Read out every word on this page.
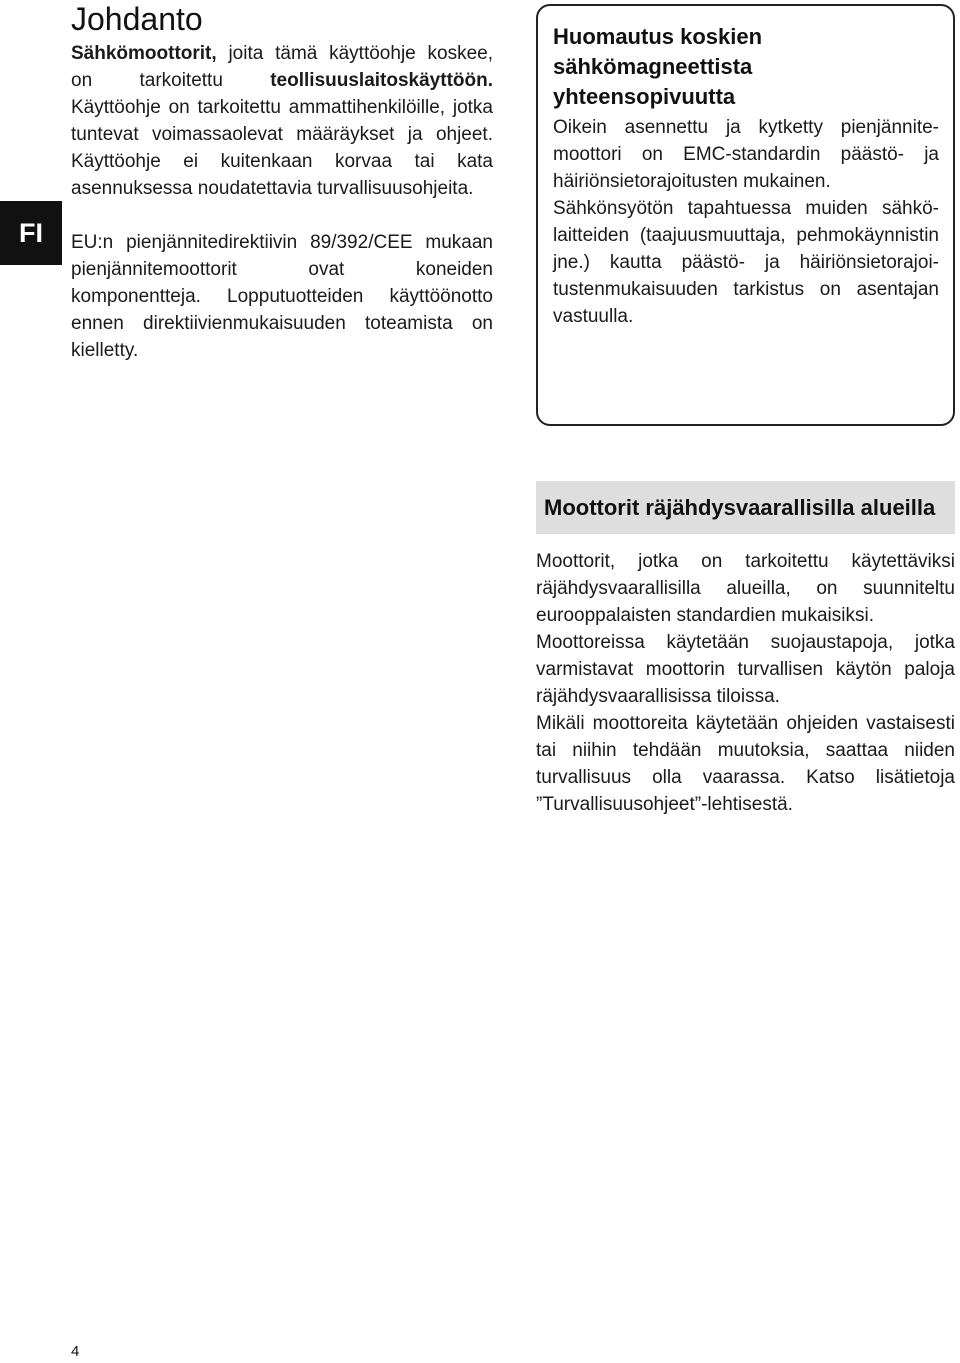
FI
Johdanto

Sähkömoottorit, joita tämä käyttöohje koskee, on tarkoitettu teollisuuslaitoskäyttöön. Käyttöohje on tarkoitettu ammattihenkilöille, jotka tuntevat voimassaolevat määräykset ja ohjeet. Käyttöohje ei kuitenkaan korvaa tai kata asennuksessa noudatettavia turvallisuusohjeita.

EU:n pienjännitedirektiivin 89/392/CEE mukaan pienjännitemoottorit ovat koneiden komponentteja. Lopputuotteiden käyttöönotto ennen direktiivienmukaisuuden toteamista on kielletty.

Huomautus koskien
sähkömagneettista
yhteensopivuutta

Oikein asennettu ja kytketty pienjännitemoottori on EMC-standardin päästö- ja häiriönsietorajoitusten mukainen.

Sähkönsyötön tapahtuessa muiden sähkölaitteiden (taajuusmuuttaja, pehmokäynnistin jne.) kautta päästö- ja häiriönsietorajoitustenmukaisuuden tarkistus on asentajan vastuulla.

Moottorit räjähdysvaarallisilla alueilla

Moottorit, jotka on tarkoitettu käytettäviksi räjähdysvaarallisilla alueilla, on suunniteltu eurooppalaisten standardien mukaisiksi.

Moottoreissa käytetään suojaustapoja, jotka varmistavat moottorin turvallisen käytön paloja räjähdysvaarallisissa tiloissa.

Mikäli moottoreita käytetään ohjeiden vastaisesti tai niihin tehdään muutoksia, saattaa niiden turvallisuus olla vaarassa. Katso lisätietoja ”Turvallisuusohjeet”-lehtisestä.

4
